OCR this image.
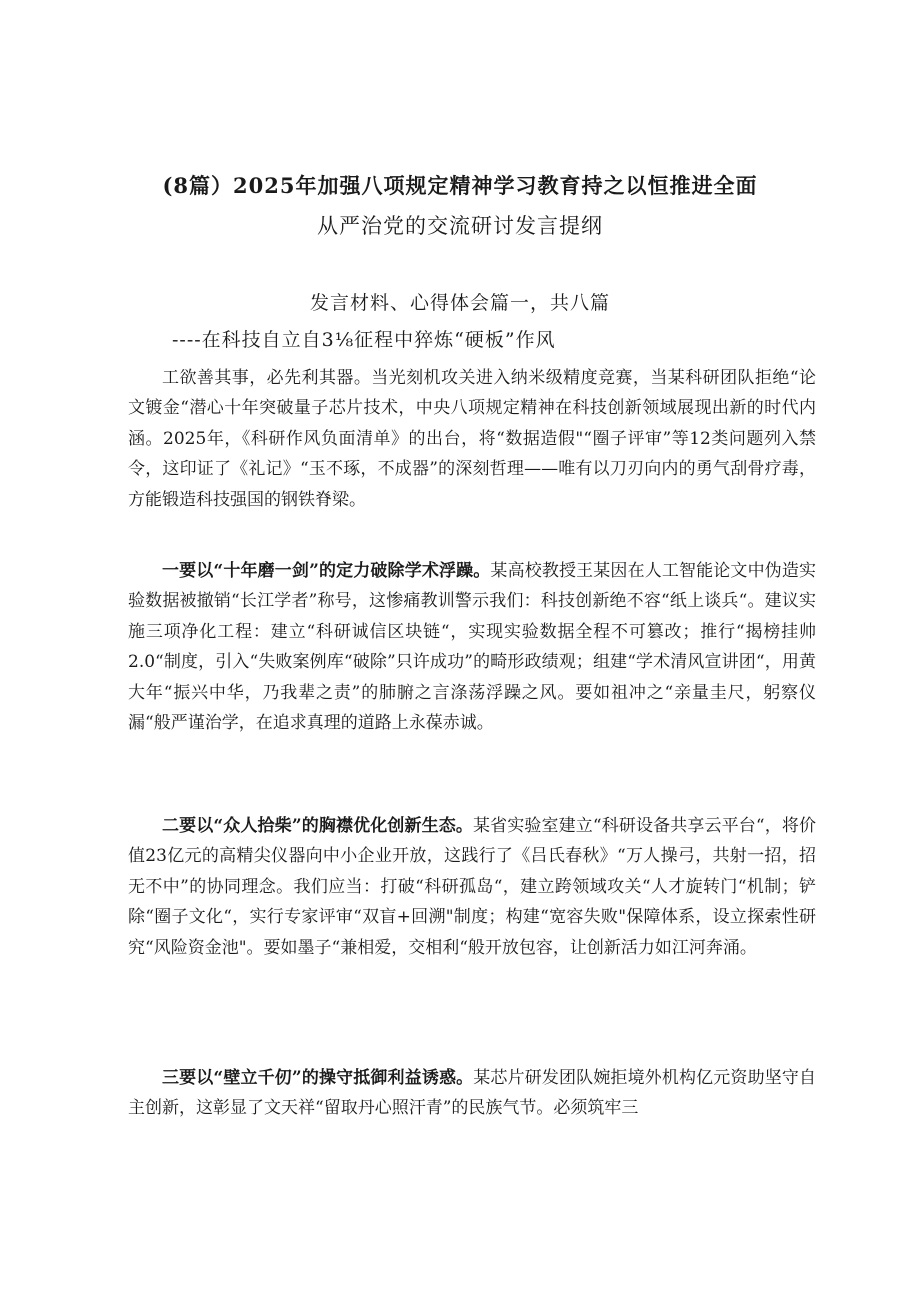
(8篇）2025年加强八项规定精神学习教育持之以恒推进全面
从严治党的交流研讨发言提纲
发言材料、心得体会篇一，共八篇
----在科技自立自3⅛征程中猝炼“硬板”作风

工欲善其事，必先利其器。当光刻机攻关进入纳米级精度竞赛，当某科研团队拒绝“论文镀金“潜心十年突破量子芯片技术，中央八项规定精神在科技创新领域展现出新的时代内涵。2025年，《科研作风负面清单》的出台，将“数据造假"“圈子评审”等12类问题列入禁令，这印证了《礼记》“玉不琢，不成器”的深刻哲理——唯有以刀刃向内的勇气刮骨疗毒，方能锻造科技强国的钢铁脊梁。

一要以“十年磨一剑”的定力破除学术浮躁。某高校教授王某因在人工智能论文中伪造实验数据被撤销“长江学者”称号，这惨痛教训警示我们：科技创新绝不容“纸上谈兵“。建议实施三项净化工程：建立“科研诚信区块链“，实现实验数据全程不可篡改；推行“揭榜挂帅2.0“制度，引入“失败案例库“破除”只许成功”的畸形政绩观；组建“学术清风宣讲团“，用黄大年“振兴中华，乃我辈之责”的肺腑之言涤荡浮躁之风。要如祖冲之“亲量圭尺，躬察仪漏“般严谨治学，在追求真理的道路上永葆赤诚。

二要以“众人拾柴”的胸襟优化创新生态。某省实验室建立“科研设备共享云平台“，将价值23亿元的高精尖仪器向中小企业开放，这践行了《吕氏春秋》“万人操弓，共射一招，招无不中”的协同理念。我们应当：打破“科研孤岛“，建立跨领域攻关“人才旋转门“机制；铲除“圈子文化“，实行专家评审“双盲+回溯"制度；构建“宽容失败"保障体系，设立探索性研究“风险资金池"。要如墨子“兼相爱，交相利“般开放包容，让创新活力如江河奔涌。

三要以“壁立千仞”的操守抵御利益诱惑。某芯片研发团队婉拒境外机构亿元资助坚守自主创新，这彰显了文天祥“留取丹心照汗青”的民族气节。必须筑牢三
